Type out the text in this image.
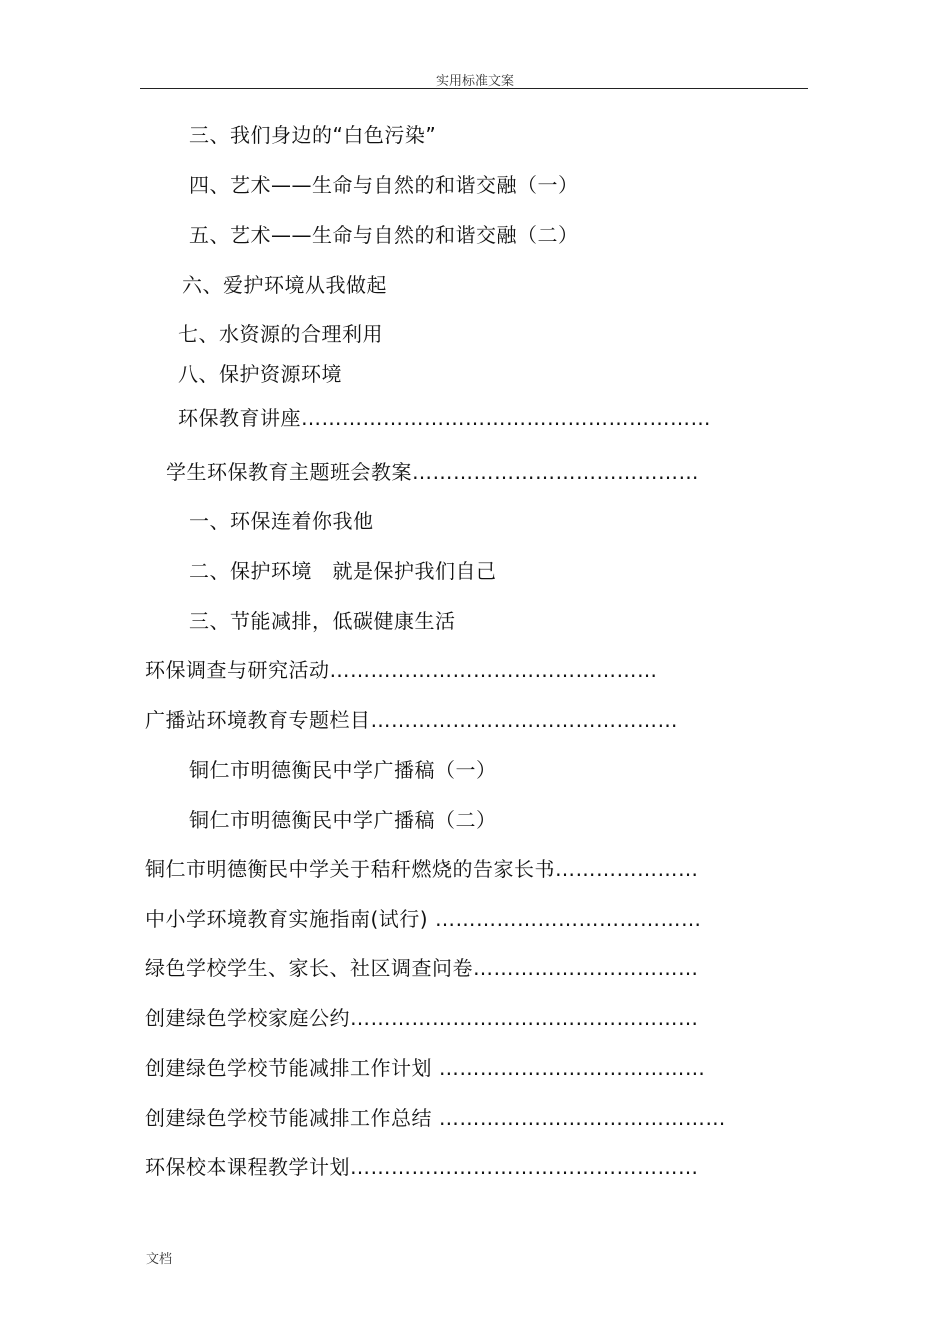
实用标准文案
三、我们身边的“白色污染”
四、艺术——生命与自然的和谐交融（一）
五、艺术——生命与自然的和谐交融（二）
六、爱护环境从我做起
七、水资源的合理利用
八、保护资源环境
环保教育讲座……………………………………………………
学生环保教育主题班会教案……………………………………
一、环保连着你我他
二、保护环境　就是保护我们自己
三、节能减排，低碳健康生活
环保调查与研究活动…………………………………………
广播站环境教育专题栏目………………………………………
铜仁市明德衡民中学广播稿（一）
铜仁市明德衡民中学广播稿（二）
铜仁市明德衡民中学关于秸秆燃烧的告家长书…………………
中小学环境教育实施指南(试行) …………………………………
绿色学校学生、家长、社区调查问卷……………………………
创建绿色学校家庭公约……………………………………………
创建绿色学校节能减排工作计划 …………………………………
创建绿色学校节能减排工作总结 ……………………………………
环保校本课程教学计划……………………………………………
文档
